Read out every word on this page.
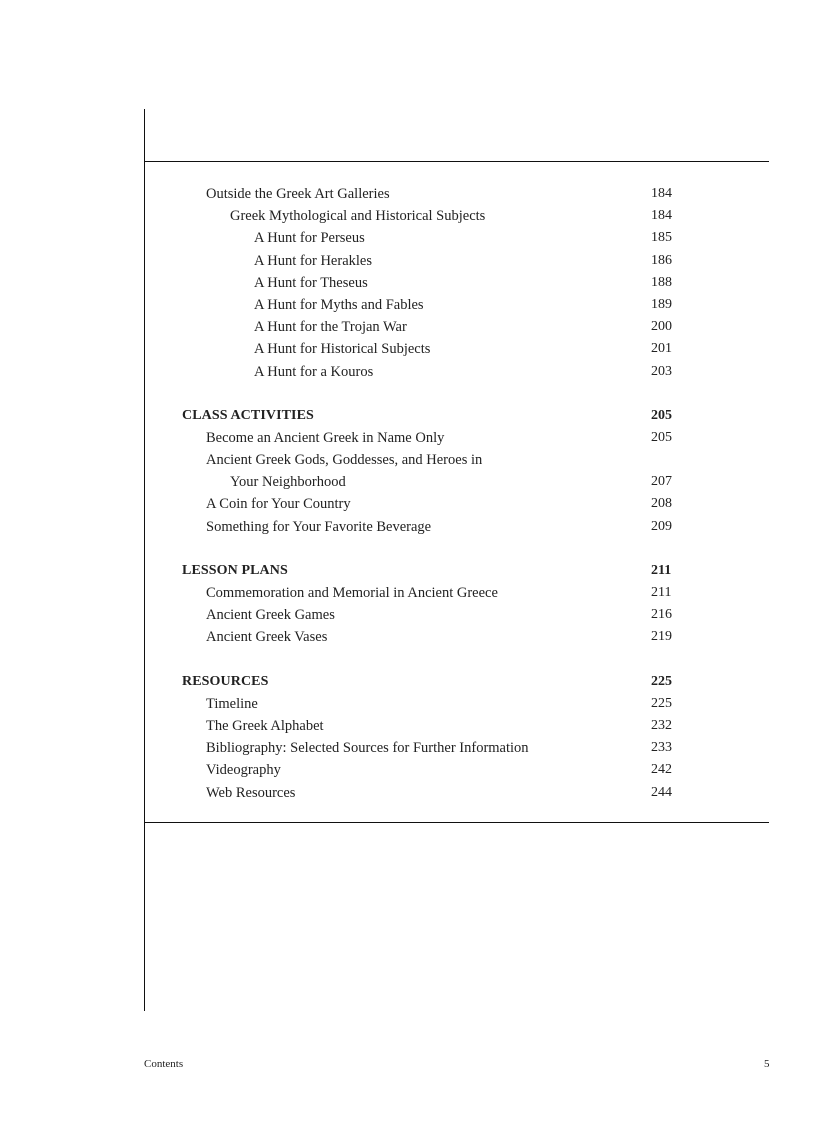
Outside the Greek Art Galleries	184
Greek Mythological and Historical Subjects	184
A Hunt for Perseus	185
A Hunt for Herakles	186
A Hunt for Theseus	188
A Hunt for Myths and Fables	189
A Hunt for the Trojan War	200
A Hunt for Historical Subjects	201
A Hunt for a Kouros	203
CLASS ACTIVITIES	205
Become an Ancient Greek in Name Only	205
Ancient Greek Gods, Goddesses, and Heroes in
Your Neighborhood	207
A Coin for Your Country	208
Something for Your Favorite Beverage	209
LESSON PLANS	211
Commemoration and Memorial in Ancient Greece	211
Ancient Greek Games	216
Ancient Greek Vases	219
RESOURCES	225
Timeline	225
The Greek Alphabet	232
Bibliography: Selected Sources for Further Information	233
Videography	242
Web Resources	244
Contents	5
